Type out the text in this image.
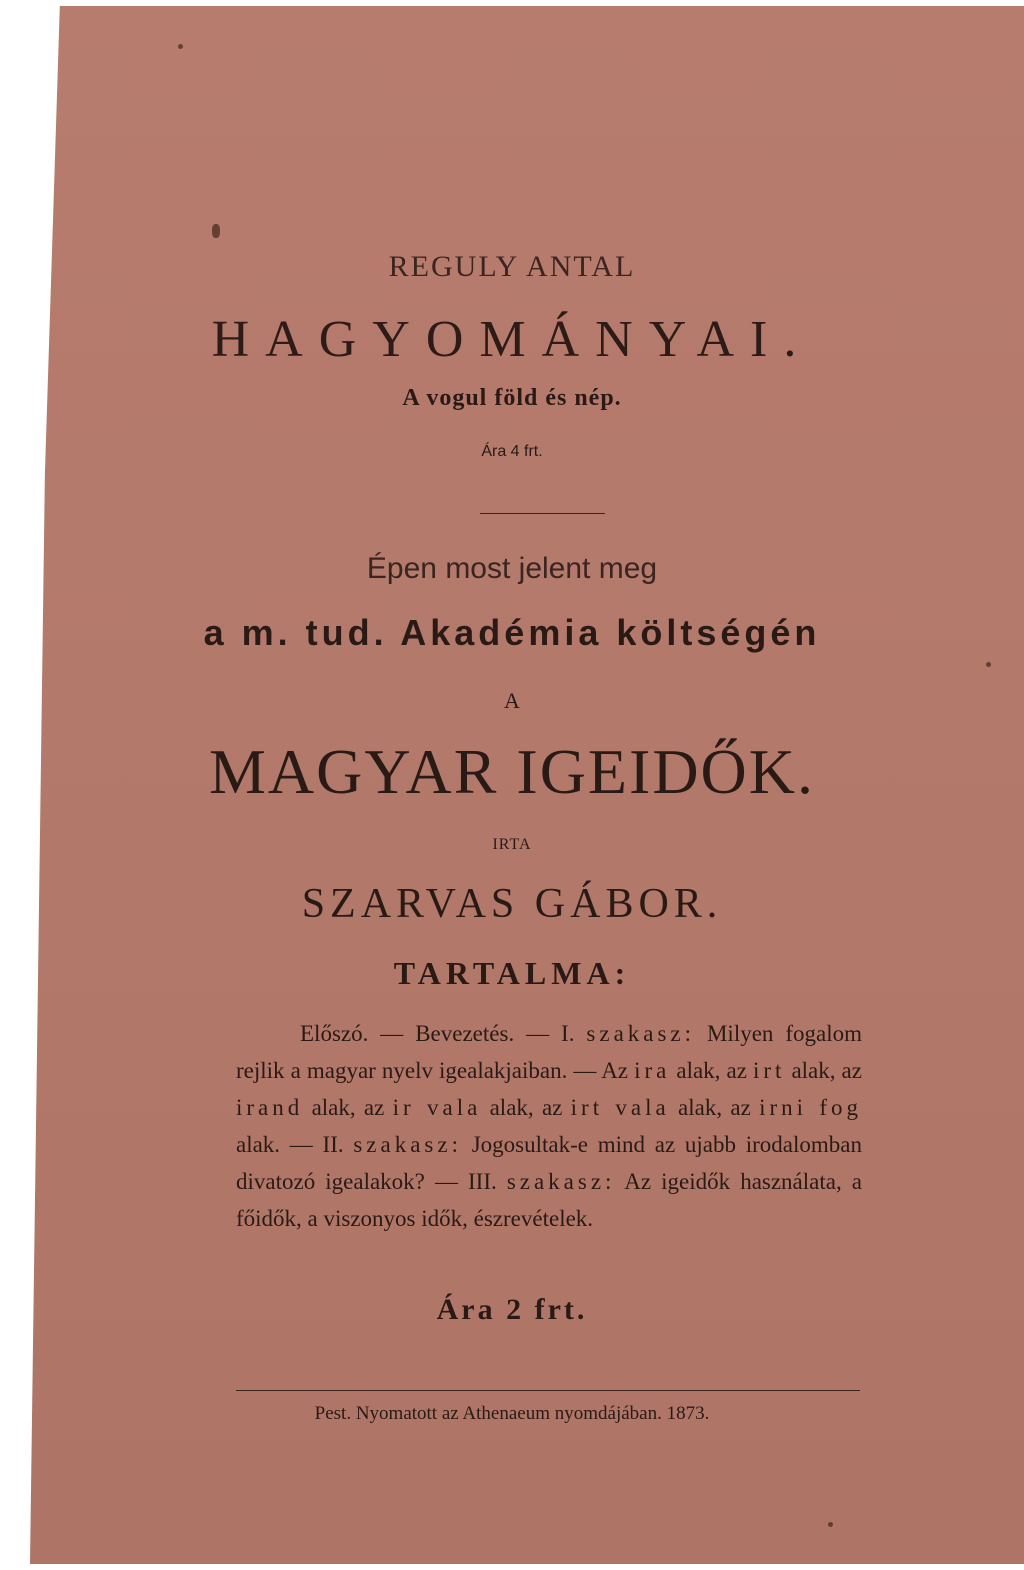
REGULY ANTAL
HAGYOMÁNYAI.
A vogul föld és nép.
Ára 4 frt.
Épen most jelent meg
a m. tud. Akadémia költségén
A
MAGYAR IGEIDŐK.
IRTA
SZARVAS GÁBOR.
TARTALMA:
Előszó. — Bevezetés. — I. szakasz: Milyen fogalom rejlik a magyar nyelv igealakjaiban. — Az ira alak, az irt alak, az irand alak, az ir vala alak, az irt vala alak, az irni fog alak. — II. szakasz: Jogosultak-e mind az ujabb irodalomban divatozó igealakok? — III. szakasz: Az igeidők használata, a főidők, a viszonyos idők, észrevételek.
Ára 2 frt.
Pest. Nyomatott az Athenaeum nyomdájában. 1873.
